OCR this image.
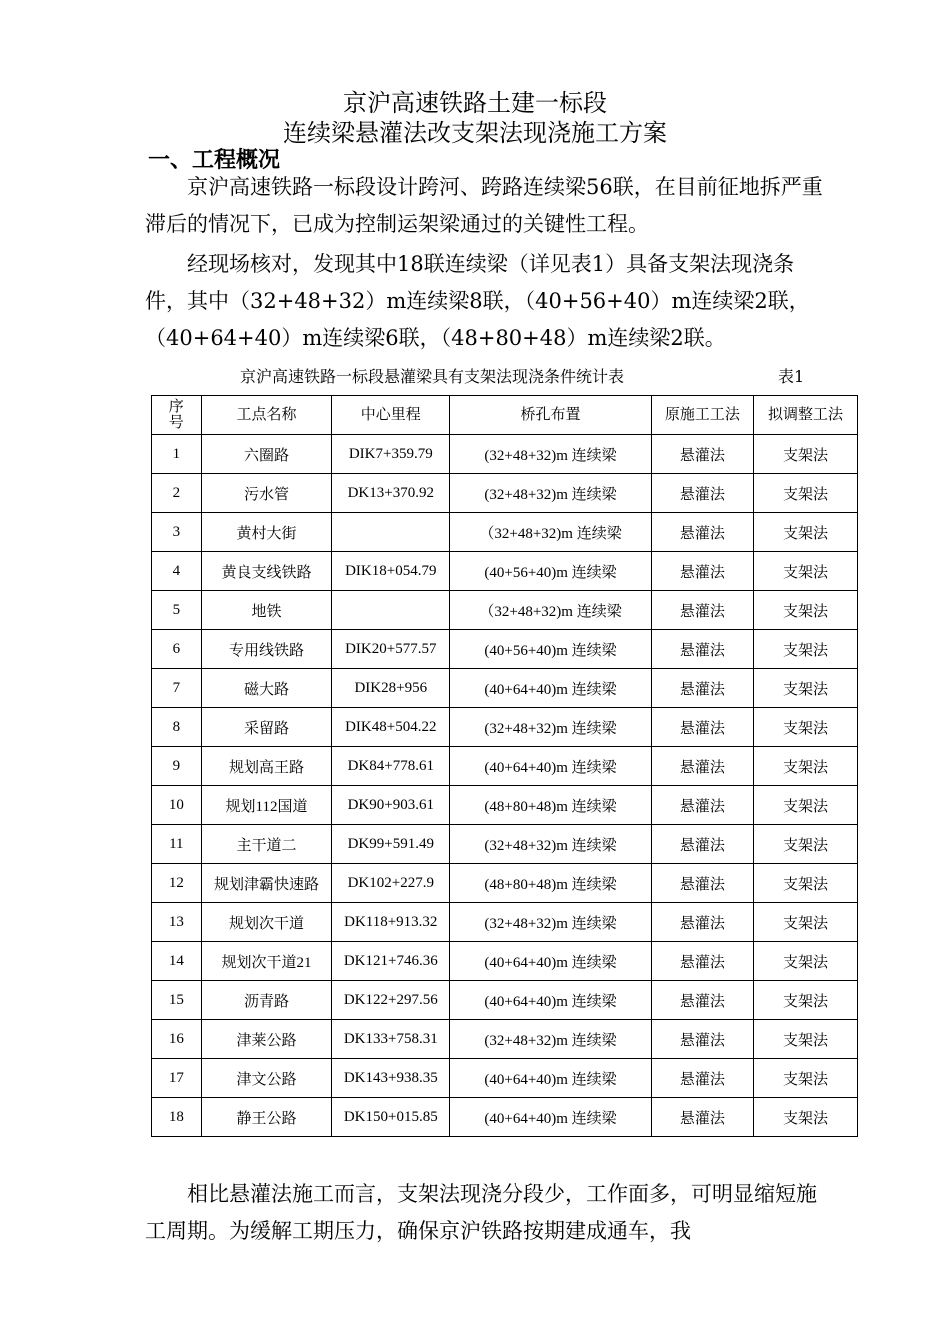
京沪高速铁路土建一标段
连续梁悬灌法改支架法现浇施工方案
一、工程概况
京沪高速铁路一标段设计跨河、跨路连续梁56联，在目前征地拆严重滞后的情况下，已成为控制运架梁通过的关键性工程。
经现场核对，发现其中18联连续梁（详见表1）具备支架法现浇条件，其中（32+48+32）m连续梁8联，（40+56+40）m连续梁2联，（40+64+40）m连续梁6联，（48+80+48）m连续梁2联。
京沪高速铁路一标段悬灌梁具有支架法现浇条件统计表	表1
序号	工点名称	中心里程	桥孔布置	原施工工法	拟调整工法
1	六圈路	DIK7+359.79	(32+48+32)m 连续梁	悬灌法	支架法
2	污水管	DK13+370.92	(32+48+32)m 连续梁	悬灌法	支架法
3	黄村大街		（32+48+32)m 连续梁	悬灌法	支架法
4	黄良支线铁路	DIK18+054.79	(40+56+40)m 连续梁	悬灌法	支架法
5	地铁		（32+48+32)m 连续梁	悬灌法	支架法
6	专用线铁路	DIK20+577.57	(40+56+40)m 连续梁	悬灌法	支架法
7	磁大路	DIK28+956	(40+64+40)m 连续梁	悬灌法	支架法
8	采留路	DIK48+504.22	(32+48+32)m 连续梁	悬灌法	支架法
9	规划高王路	DK84+778.61	(40+64+40)m 连续梁	悬灌法	支架法
10	规划112国道	DK90+903.61	(48+80+48)m 连续梁	悬灌法	支架法
11	主干道二	DK99+591.49	(32+48+32)m 连续梁	悬灌法	支架法
12	规划津霸快速路	DK102+227.9	(48+80+48)m 连续梁	悬灌法	支架法
13	规划次干道	DK118+913.32	(32+48+32)m 连续梁	悬灌法	支架法
14	规划次干道21	DK121+746.36	(40+64+40)m 连续梁	悬灌法	支架法
15	沥青路	DK122+297.56	(40+64+40)m 连续梁	悬灌法	支架法
16	津莱公路	DK133+758.31	(32+48+32)m 连续梁	悬灌法	支架法
17	津文公路	DK143+938.35	(40+64+40)m 连续梁	悬灌法	支架法
18	静王公路	DK150+015.85	(40+64+40)m 连续梁	悬灌法	支架法
相比悬灌法施工而言，支架法现浇分段少，工作面多，可明显缩短施工周期。为缓解工期压力，确保京沪铁路按期建成通车，我
